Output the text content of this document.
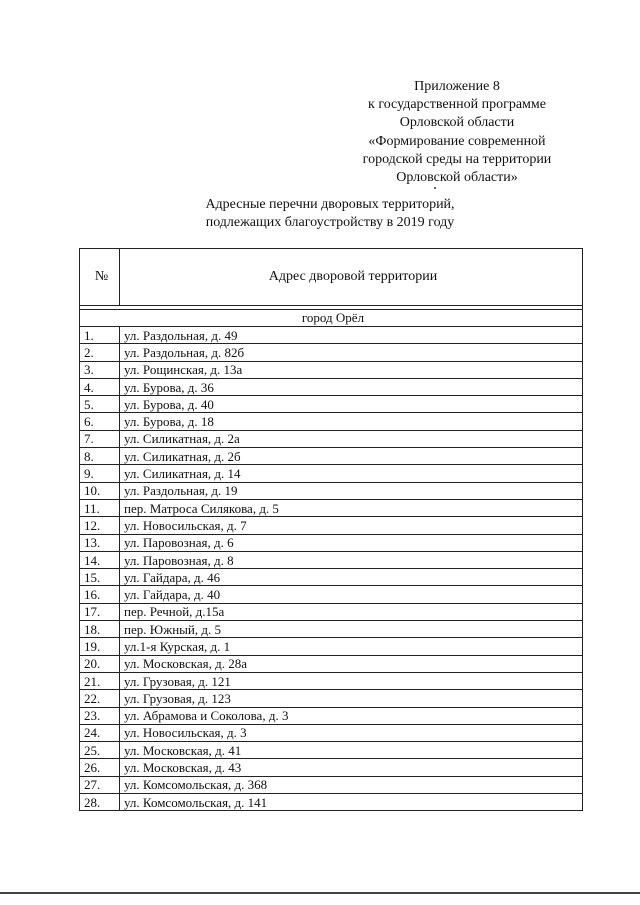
Приложение 8
к государственной программе
Орловской области
«Формирование современной
городской среды на территории
Орловской области»
Адресные перечни дворовых территорий,
подлежащих благоустройству в 2019 году
№	Адрес дворовой территории

город Орёл	
1.	ул. Раздольная, д. 49
2.	ул. Раздольная, д. 82б
3.	ул. Рощинская, д. 13а
4.	ул. Бурова, д. 36
5.	ул. Бурова, д. 40
6.	ул. Бурова, д. 18
7.	ул. Силикатная, д. 2а
8.	ул. Силикатная, д. 2б
9.	ул. Силикатная, д. 14
10.	ул. Раздольная, д. 19
11.	пер. Матроса Силякова, д. 5
12.	ул. Новосильская, д. 7
13.	ул. Паровозная, д. 6
14.	ул. Паровозная, д. 8
15.	ул. Гайдара, д. 46
16.	ул. Гайдара, д. 40
17.	пер. Речной, д.15а
18.	пер. Южный, д. 5
19.	ул.1-я Курская, д. 1
20.	ул. Московская, д. 28а
21.	ул. Грузовая, д. 121
22.	ул. Грузовая, д. 123
23.	ул. Абрамова и Соколова, д. 3
24.	ул. Новосильская, д. 3
25.	ул. Московская, д. 41
26.	ул. Московская, д. 43
27.	ул. Комсомольская, д. 368
28.	ул. Комсомольская, д. 141
